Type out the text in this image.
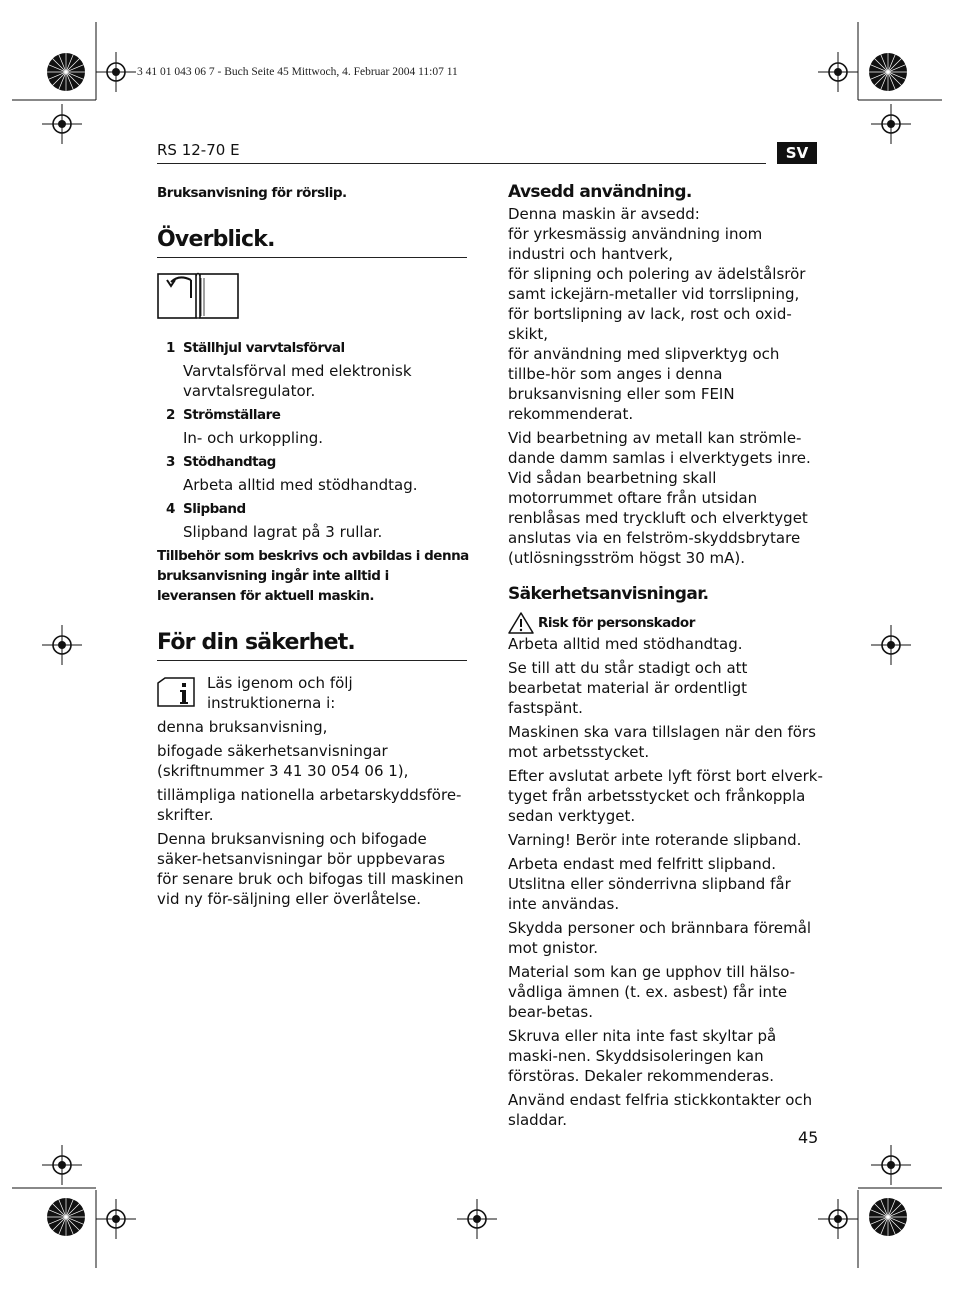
3 41 01 043 06 7 - Buch Seite 45 Mittwoch, 4. Februar 2004 11:07 11
RS 12-70 E	SV

Bruksanvisning för rörslip.

Överblick.
1 Ställhjul varvtalsförval

Varvtalsförval med elektronisk varvtalsregulator.

2 Strömställare

In- och urkoppling.

3 Stödhandtag

Arbeta alltid med stödhandtag.

4 Slipband

Slipband lagrat på 3 rullar.

Tillbehör som beskrivs och avbildas i denna bruksanvisning ingår inte alltid i leveransen för aktuell maskin.

För din säkerhet.

Läs igenom och följ instruktionerna i:

denna bruksanvisning,

bifogade säkerhetsanvisningar (skriftnummer 3 41 30 054 06 1),

tillämpliga nationella arbetarskyddsföre-skrifter.

Denna bruksanvisning och bifogade säker-hetsanvisningar bör uppbevaras för senare bruk och bifogas till maskinen vid ny för-säljning eller överlåtelse.

Avsedd användning.

Denna maskin är avsedd:

för yrkesmässig användning inom industri och hantverk,

för slipning och polering av ädelstålsrör samt ickejärn-metaller vid torrslipning,

för bortslipning av lack, rost och oxid-skikt,

för användning med slipverktyg och tillbe-hör som anges i denna bruksanvisning eller som FEIN rekommenderat.

Vid bearbetning av metall kan strömle-dande damm samlas i elverktygets inre. Vid sådan bearbetning skall motorrummet oftare från utsidan renblåsas med tryckluft och elverktyget anslutas via en felström-skyddsbrytare (utlösningsström högst 30 mA).

Säkerhetsanvisningar.
Risk för personskador

Arbeta alltid med stödhandtag.

Se till att du står stadigt och att bearbetat material är ordentligt fastspänt.

Maskinen ska vara tillslagen när den förs mot arbetsstycket.

Efter avslutat arbete lyft först bort elverk-tyget från arbetsstycket och frånkoppla sedan verktyget.

Varning! Berör inte roterande slipband.

Arbeta endast med felfritt slipband. Utslitna eller sönderrivna slipband får inte användas.

Skydda personer och brännbara föremål mot gnistor.

Material som kan ge upphov till hälso-vådliga ämnen (t. ex. asbest) får inte bear-betas.

Skruva eller nita inte fast skyltar på maski-nen. Skyddsisoleringen kan förstöras. Dekaler rekommenderas.

Använd endast felfria stickkontakter och sladdar.

45
